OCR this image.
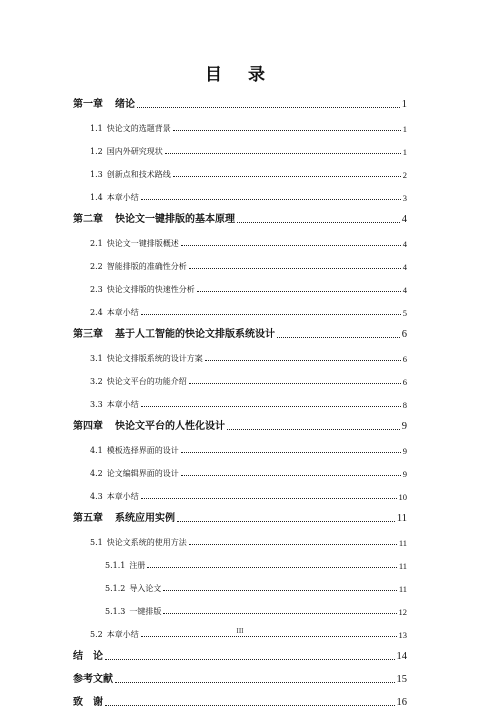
目 录
第一章 绪论	1
1.1 快论文的选题背景	1
1.2 国内外研究现状	1
1.3 创新点和技术路线	2
1.4 本章小结	3
第二章 快论文一键排版的基本原理	4
2.1 快论文一键排版概述	4
2.2 智能排版的准确性分析	4
2.3 快论文排版的快速性分析	4
2.4 本章小结	5
第三章 基于人工智能的快论文排版系统设计	6
3.1 快论文排版系统的设计方案	6
3.2 快论文平台的功能介绍	6
3.3 本章小结	8
第四章 快论文平台的人性化设计	9
4.1 模板选择界面的设计	9
4.2 论文编辑界面的设计	9
4.3 本章小结	10
第五章 系统应用实例	11
5.1 快论文系统的使用方法	11
5.1.1 注册	11
5.1.2 导入论文	11
5.1.3 一键排版	12
5.2 本章小结	13
结　论	14
参考文献	15
致　谢	16
III
